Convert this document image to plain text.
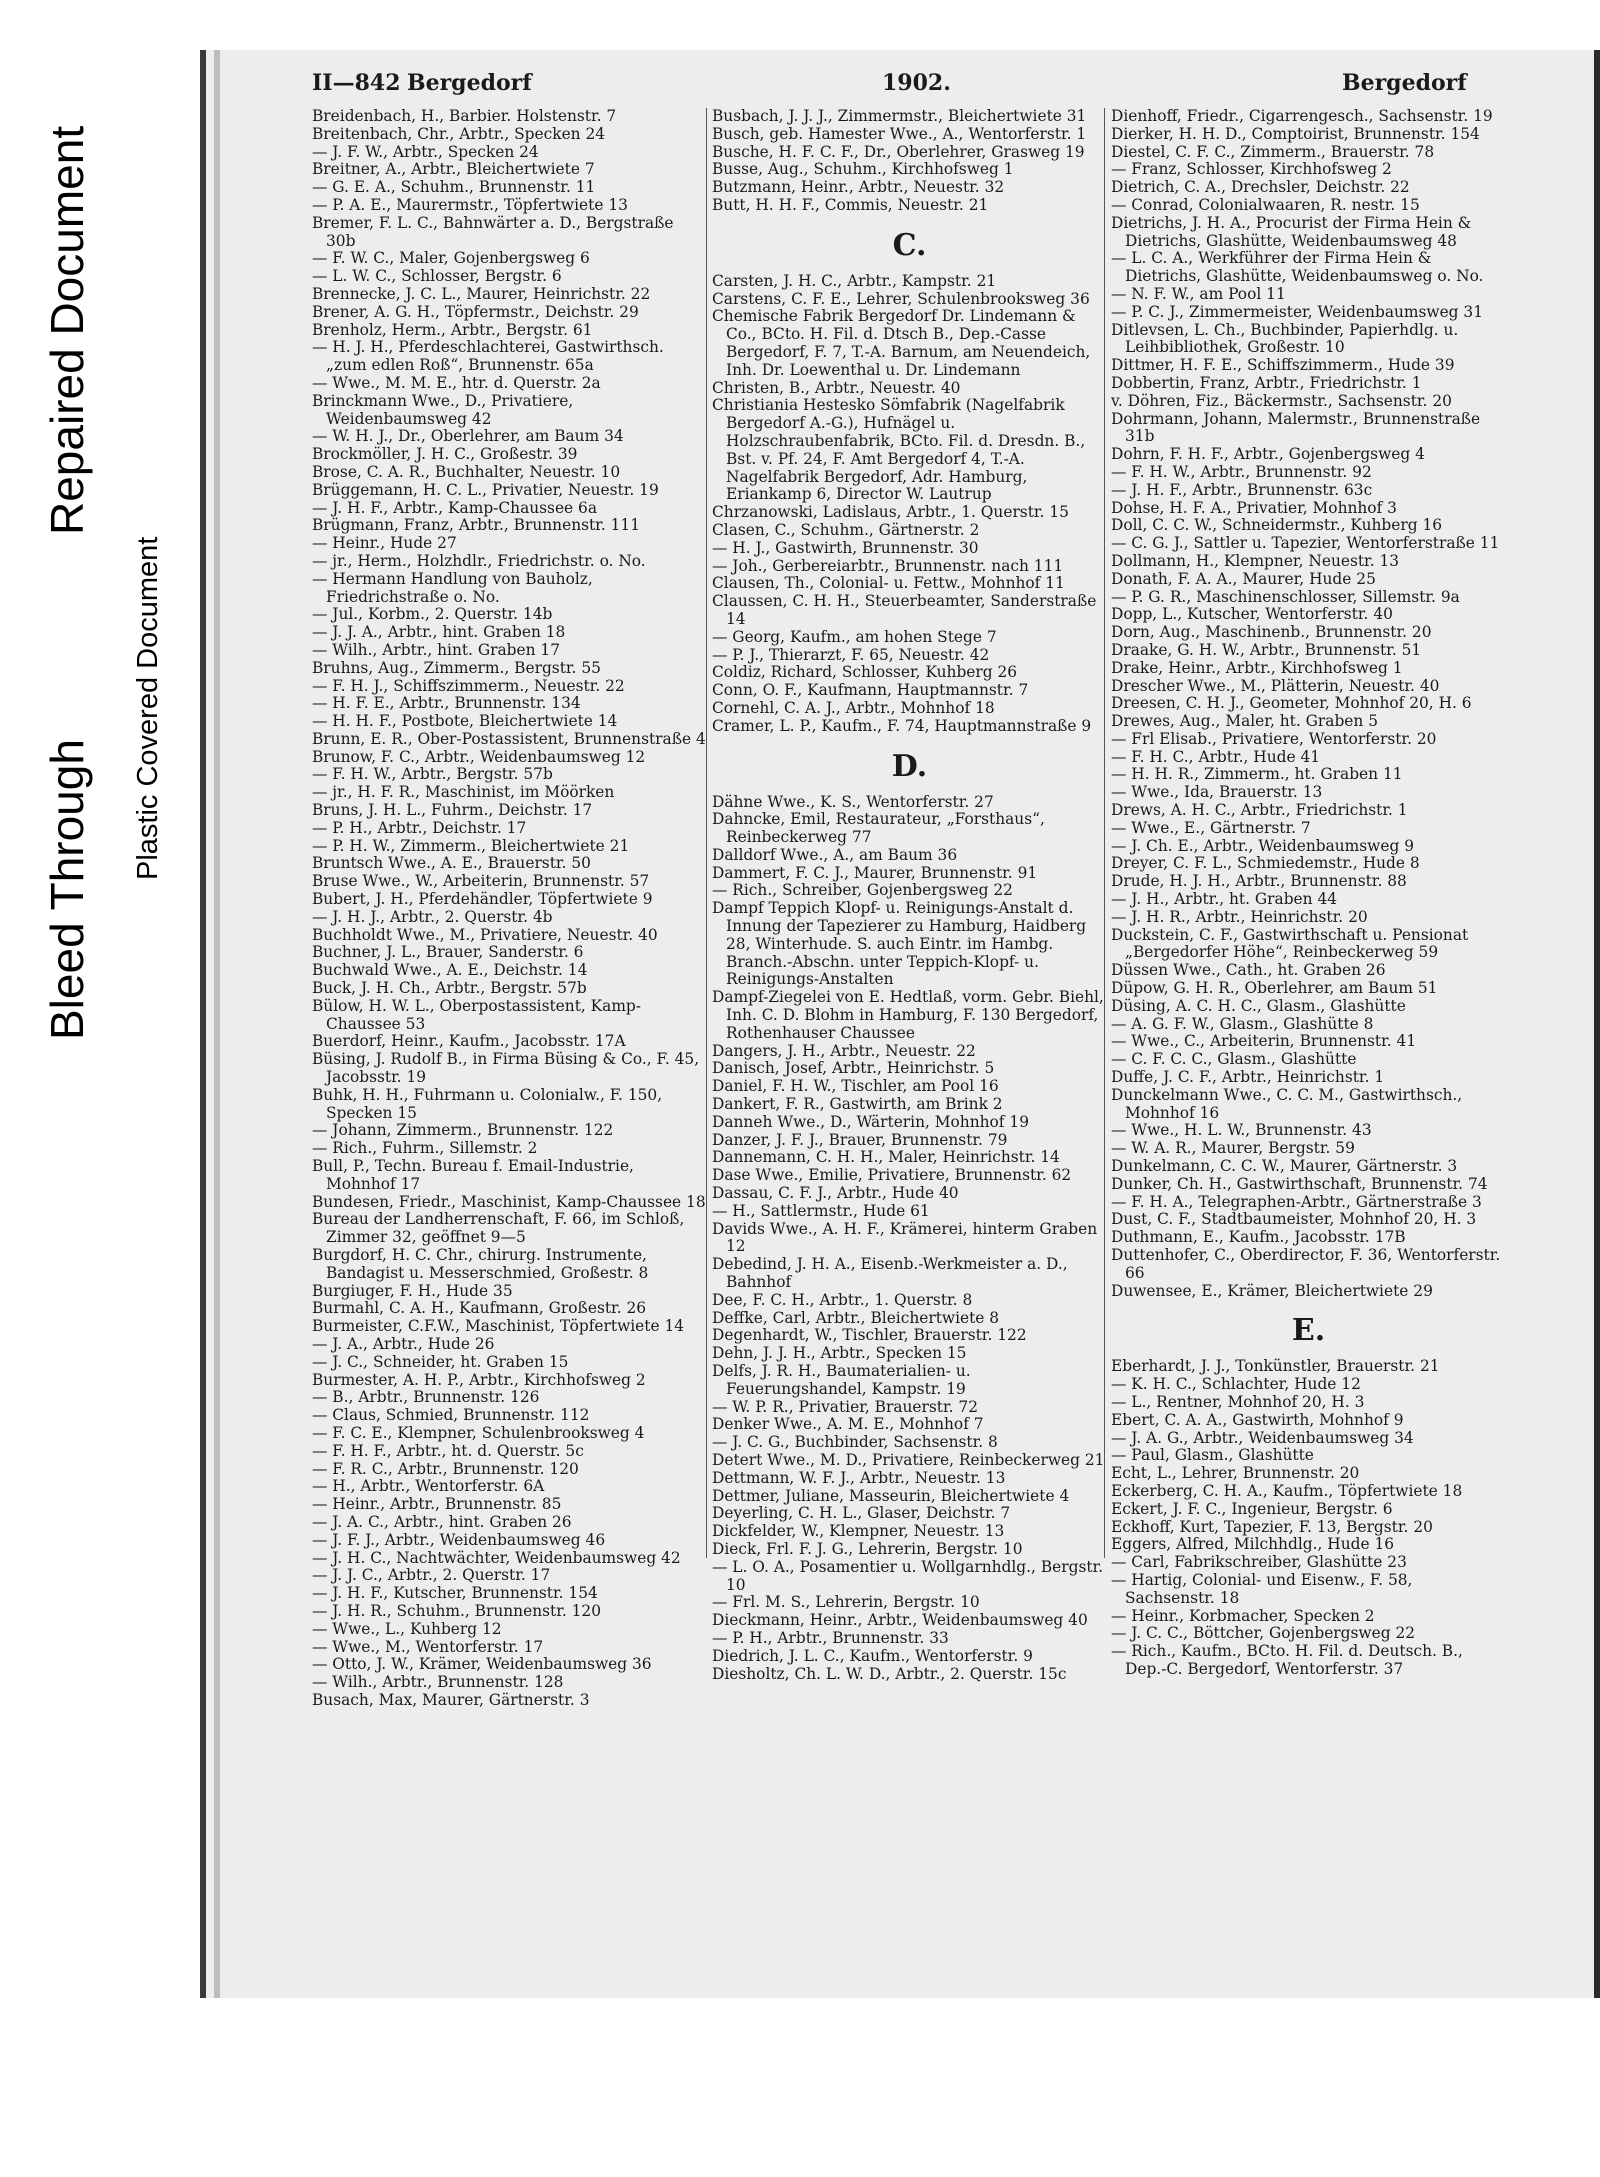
Bleed Through
Repaired Document
Plastic Covered Document
II—842 Bergedorf	1902.	Bergedorf

Breidenbach, H., Barbier. Holstenstr. 7

Breitenbach, Chr., Arbtr., Specken 24

— J. F. W., Arbtr., Specken 24

Breitner, A., Arbtr., Bleichertwiete 7

— G. E. A., Schuhm., Brunnenstr. 11

— P. A. E., Maurermstr., Töpfertwiete 13

Bremer, F. L. C., Bahnwärter a. D., Bergstraße 30b

— F. W. C., Maler, Gojenbergsweg 6

— L. W. C., Schlosser, Bergstr. 6

Brennecke, J. C. L., Maurer, Heinrichstr. 22

Brener, A. G. H., Töpfermstr., Deichstr. 29

Brenholz, Herm., Arbtr., Bergstr. 61

— H. J. H., Pferdeschlachterei, Gastwirthsch. „zum edlen Roß“, Brunnenstr. 65a

— Wwe., M. M. E., htr. d. Querstr. 2a

Brinckmann Wwe., D., Privatiere, Weidenbaumsweg 42

— W. H. J., Dr., Oberlehrer, am Baum 34

Brockmöller, J. H. C., Großestr. 39

Brose, C. A. R., Buchhalter, Neuestr. 10

Brüggemann, H. C. L., Privatier, Neuestr. 19

— J. H. F., Arbtr., Kamp-Chaussee 6a

Brügmann, Franz, Arbtr., Brunnenstr. 111

— Heinr., Hude 27

— jr., Herm., Holzhdlr., Friedrichstr. o. No.

— Hermann Handlung von Bauholz, Friedrichstraße o. No.

— Jul., Korbm., 2. Querstr. 14b

— J. J. A., Arbtr., hint. Graben 18

— Wilh., Arbtr., hint. Graben 17

Bruhns, Aug., Zimmerm., Bergstr. 55

— F. H. J., Schiffszimmerm., Neuestr. 22

— H. F. E., Arbtr., Brunnenstr. 134

— H. H. F., Postbote, Bleichertwiete 14

Brunn, E. R., Ober-Postassistent, Brunnenstraße 4

Brunow, F. C., Arbtr., Weidenbaumsweg 12

— F. H. W., Arbtr., Bergstr. 57b

— jr., H. F. R., Maschinist, im Möörken

Bruns, J. H. L., Fuhrm., Deichstr. 17

— P. H., Arbtr., Deichstr. 17

— P. H. W., Zimmerm., Bleichertwiete 21

Bruntsch Wwe., A. E., Brauerstr. 50

Bruse Wwe., W., Arbeiterin, Brunnenstr. 57

Bubert, J. H., Pferdehändler, Töpfertwiete 9

— J. H. J., Arbtr., 2. Querstr. 4b

Buchholdt Wwe., M., Privatiere, Neuestr. 40

Buchner, J. L., Brauer, Sanderstr. 6

Buchwald Wwe., A. E., Deichstr. 14

Buck, J. H. Ch., Arbtr., Bergstr. 57b

Bülow, H. W. L., Oberpostassistent, Kamp-Chaussee 53

Buerdorf, Heinr., Kaufm., Jacobsstr. 17A

Büsing, J. Rudolf B., in Firma Büsing & Co., F. 45, Jacobsstr. 19

Buhk, H. H., Fuhrmann u. Colonialw., F. 150, Specken 15

— Johann, Zimmerm., Brunnenstr. 122

— Rich., Fuhrm., Sillemstr. 2

Bull, P., Techn. Bureau f. Email-Industrie, Mohnhof 17

Bundesen, Friedr., Maschinist, Kamp-Chaussee 18

Bureau der Landherrenschaft, F. 66, im Schloß, Zimmer 32, geöffnet 9—5

Burgdorf, H. C. Chr., chirurg. Instrumente, Bandagist u. Messerschmied, Großestr. 8

Burgiuger, F. H., Hude 35

Burmahl, C. A. H., Kaufmann, Großestr. 26

Burmeister, C.F.W., Maschinist, Töpfertwiete 14

— J. A., Arbtr., Hude 26

— J. C., Schneider, ht. Graben 15

Burmester, A. H. P., Arbtr., Kirchhofsweg 2

— B., Arbtr., Brunnenstr. 126

— Claus, Schmied, Brunnenstr. 112

— F. C. E., Klempner, Schulenbrooksweg 4

— F. H. F., Arbtr., ht. d. Querstr. 5c

— F. R. C., Arbtr., Brunnenstr. 120

— H., Arbtr., Wentorferstr. 6A

— Heinr., Arbtr., Brunnenstr. 85

— J. A. C., Arbtr., hint. Graben 26

— J. F. J., Arbtr., Weidenbaumsweg 46

— J. H. C., Nachtwächter, Weidenbaumsweg 42

— J. J. C., Arbtr., 2. Querstr. 17

— J. H. F., Kutscher, Brunnenstr. 154

— J. H. R., Schuhm., Brunnenstr. 120

— Wwe., L., Kuhberg 12

— Wwe., M., Wentorferstr. 17

— Otto, J. W., Krämer, Weidenbaumsweg 36

— Wilh., Arbtr., Brunnenstr. 128

Busach, Max, Maurer, Gärtnerstr. 3

Busbach, J. J. J., Zimmermstr., Bleichertwiete 31

Busch, geb. Hamester Wwe., A., Wentorferstr. 1

Busche, H. F. C. F., Dr., Oberlehrer, Grasweg 19

Busse, Aug., Schuhm., Kirchhofsweg 1

Butzmann, Heinr., Arbtr., Neuestr. 32

Butt, H. H. F., Commis, Neuestr. 21

C.

Carsten, J. H. C., Arbtr., Kampstr. 21

Carstens, C. F. E., Lehrer, Schulenbrooksweg 36

Chemische Fabrik Bergedorf Dr. Lindemann & Co., BCto. H. Fil. d. Dtsch B., Dep.-Casse Bergedorf, F. 7, T.-A. Barnum, am Neuendeich, Inh. Dr. Loewenthal u. Dr. Lindemann

Christen, B., Arbtr., Neuestr. 40

Christiania Hestesko Sömfabrik (Nagelfabrik Bergedorf A.-G.), Hufnägel u. Holzschraubenfabrik, BCto. Fil. d. Dresdn. B., Bst. v. Pf. 24, F. Amt Bergedorf 4, T.-A. Nagelfabrik Bergedorf, Adr. Hamburg, Eriankamp 6, Director W. Lautrup

Chrzanowski, Ladislaus, Arbtr., 1. Querstr. 15

Clasen, C., Schuhm., Gärtnerstr. 2

— H. J., Gastwirth, Brunnenstr. 30

— Joh., Gerbereiarbtr., Brunnenstr. nach 111

Clausen, Th., Colonial- u. Fettw., Mohnhof 11

Claussen, C. H. H., Steuerbeamter, Sanderstraße 14

— Georg, Kaufm., am hohen Stege 7

— P. J., Thierarzt, F. 65, Neuestr. 42

Coldiz, Richard, Schlosser, Kuhberg 26

Conn, O. F., Kaufmann, Hauptmannstr. 7

Cornehl, C. A. J., Arbtr., Mohnhof 18

Cramer, L. P., Kaufm., F. 74, Hauptmannstraße 9

D.

Dähne Wwe., K. S., Wentorferstr. 27

Dahncke, Emil, Restaurateur, „Forsthaus“, Reinbeckerweg 77

Dalldorf Wwe., A., am Baum 36

Dammert, F. C. J., Maurer, Brunnenstr. 91

— Rich., Schreiber, Gojenbergsweg 22

Dampf Teppich Klopf- u. Reinigungs-Anstalt d. Innung der Tapezierer zu Hamburg, Haidberg 28, Winterhude. S. auch Eintr. im Hambg. Branch.-Abschn. unter Teppich-Klopf- u. Reinigungs-Anstalten

Dampf-Ziegelei von E. Hedtlaß, vorm. Gebr. Biehl, Inh. C. D. Blohm in Hamburg, F. 130 Bergedorf, Rothenhauser Chaussee

Dangers, J. H., Arbtr., Neuestr. 22

Danisch, Josef, Arbtr., Heinrichstr. 5

Daniel, F. H. W., Tischler, am Pool 16

Dankert, F. R., Gastwirth, am Brink 2

Danneh Wwe., D., Wärterin, Mohnhof 19

Danzer, J. F. J., Brauer, Brunnenstr. 79

Dannemann, C. H. H., Maler, Heinrichstr. 14

Dase Wwe., Emilie, Privatiere, Brunnenstr. 62

Dassau, C. F. J., Arbtr., Hude 40

— H., Sattlermstr., Hude 61

Davids Wwe., A. H. F., Krämerei, hinterm Graben 12

Debedind, J. H. A., Eisenb.-Werkmeister a. D., Bahnhof

Dee, F. C. H., Arbtr., 1. Querstr. 8

Deffke, Carl, Arbtr., Bleichertwiete 8

Degenhardt, W., Tischler, Brauerstr. 122

Dehn, J. J. H., Arbtr., Specken 15

Delfs, J. R. H., Baumaterialien- u. Feuerungshandel, Kampstr. 19

— W. P. R., Privatier, Brauerstr. 72

Denker Wwe., A. M. E., Mohnhof 7

— J. C. G., Buchbinder, Sachsenstr. 8

Detert Wwe., M. D., Privatiere, Reinbeckerweg 21

Dettmann, W. F. J., Arbtr., Neuestr. 13

Dettmer, Juliane, Masseurin, Bleichertwiete 4

Deyerling, C. H. L., Glaser, Deichstr. 7

Dickfelder, W., Klempner, Neuestr. 13

Dieck, Frl. F. J. G., Lehrerin, Bergstr. 10

— L. O. A., Posamentier u. Wollgarnhdlg., Bergstr. 10

— Frl. M. S., Lehrerin, Bergstr. 10

Dieckmann, Heinr., Arbtr., Weidenbaumsweg 40

— P. H., Arbtr., Brunnenstr. 33

Diedrich, J. L. C., Kaufm., Wentorferstr. 9

Diesholtz, Ch. L. W. D., Arbtr., 2. Querstr. 15c

Dienhoff, Friedr., Cigarrengesch., Sachsenstr. 19

Dierker, H. H. D., Comptoirist, Brunnenstr. 154

Diestel, C. F. C., Zimmerm., Brauerstr. 78

— Franz, Schlosser, Kirchhofsweg 2

Dietrich, C. A., Drechsler, Deichstr. 22

— Conrad, Colonialwaaren, R. nestr. 15

Dietrichs, J. H. A., Procurist der Firma Hein & Dietrichs, Glashütte, Weidenbaumsweg 48

— L. C. A., Werkführer der Firma Hein & Dietrichs, Glashütte, Weidenbaumsweg o. No.

— N. F. W., am Pool 11

— P. C. J., Zimmermeister, Weidenbaumsweg 31

Ditlevsen, L. Ch., Buchbinder, Papierhdlg. u. Leihbibliothek, Großestr. 10

Dittmer, H. F. E., Schiffszimmerm., Hude 39

Dobbertin, Franz, Arbtr., Friedrichstr. 1

v. Döhren, Fiz., Bäckermstr., Sachsenstr. 20

Dohrmann, Johann, Malermstr., Brunnenstraße 31b

Dohrn, F. H. F., Arbtr., Gojenbergsweg 4

— F. H. W., Arbtr., Brunnenstr. 92

— J. H. F., Arbtr., Brunnenstr. 63c

Dohse, H. F. A., Privatier, Mohnhof 3

Doll, C. C. W., Schneidermstr., Kuhberg 16

— C. G. J., Sattler u. Tapezier, Wentorferstraße 11

Dollmann, H., Klempner, Neuestr. 13

Donath, F. A. A., Maurer, Hude 25

— P. G. R., Maschinenschlosser, Sillemstr. 9a

Dopp, L., Kutscher, Wentorferstr. 40

Dorn, Aug., Maschinenb., Brunnenstr. 20

Draake, G. H. W., Arbtr., Brunnenstr. 51

Drake, Heinr., Arbtr., Kirchhofsweg 1

Drescher Wwe., M., Plätterin, Neuestr. 40

Dreesen, C. H. J., Geometer, Mohnhof 20, H. 6

Drewes, Aug., Maler, ht. Graben 5

— Frl Elisab., Privatiere, Wentorferstr. 20

— F. H. C., Arbtr., Hude 41

— H. H. R., Zimmerm., ht. Graben 11

— Wwe., Ida, Brauerstr. 13

Drews, A. H. C., Arbtr., Friedrichstr. 1

— Wwe., E., Gärtnerstr. 7

— J. Ch. E., Arbtr., Weidenbaumsweg 9

Dreyer, C. F. L., Schmiedemstr., Hude 8

Drude, H. J. H., Arbtr., Brunnenstr. 88

— J. H., Arbtr., ht. Graben 44

— J. H. R., Arbtr., Heinrichstr. 20

Duckstein, C. F., Gastwirthschaft u. Pensionat „Bergedorfer Höhe“, Reinbeckerweg 59

Düssen Wwe., Cath., ht. Graben 26

Düpow, G. H. R., Oberlehrer, am Baum 51

Düsing, A. C. H. C., Glasm., Glashütte

— A. G. F. W., Glasm., Glashütte 8

— Wwe., C., Arbeiterin, Brunnenstr. 41

— C. F. C. C., Glasm., Glashütte

Duffe, J. C. F., Arbtr., Heinrichstr. 1

Dunckelmann Wwe., C. C. M., Gastwirthsch., Mohnhof 16

— Wwe., H. L. W., Brunnenstr. 43

— W. A. R., Maurer, Bergstr. 59

Dunkelmann, C. C. W., Maurer, Gärtnerstr. 3

Dunker, Ch. H., Gastwirthschaft, Brunnenstr. 74

— F. H. A., Telegraphen-Arbtr., Gärtnerstraße 3

Dust, C. F., Stadtbaumeister, Mohnhof 20, H. 3

Duthmann, E., Kaufm., Jacobsstr. 17B

Duttenhofer, C., Oberdirector, F. 36, Wentorferstr. 66

Duwensee, E., Krämer, Bleichertwiete 29

E.

Eberhardt, J. J., Tonkünstler, Brauerstr. 21

— K. H. C., Schlachter, Hude 12

— L., Rentner, Mohnhof 20, H. 3

Ebert, C. A. A., Gastwirth, Mohnhof 9

— J. A. G., Arbtr., Weidenbaumsweg 34

— Paul, Glasm., Glashütte

Echt, L., Lehrer, Brunnenstr. 20

Eckerberg, C. H. A., Kaufm., Töpfertwiete 18

Eckert, J. F. C., Ingenieur, Bergstr. 6

Eckhoff, Kurt, Tapezier, F. 13, Bergstr. 20

Eggers, Alfred, Milchhdlg., Hude 16

— Carl, Fabrikschreiber, Glashütte 23

— Hartig, Colonial- und Eisenw., F. 58, Sachsenstr. 18

— Heinr., Korbmacher, Specken 2

— J. C. C., Böttcher, Gojenbergsweg 22

— Rich., Kaufm., BCto. H. Fil. d. Deutsch. B., Dep.-C. Bergedorf, Wentorferstr. 37
